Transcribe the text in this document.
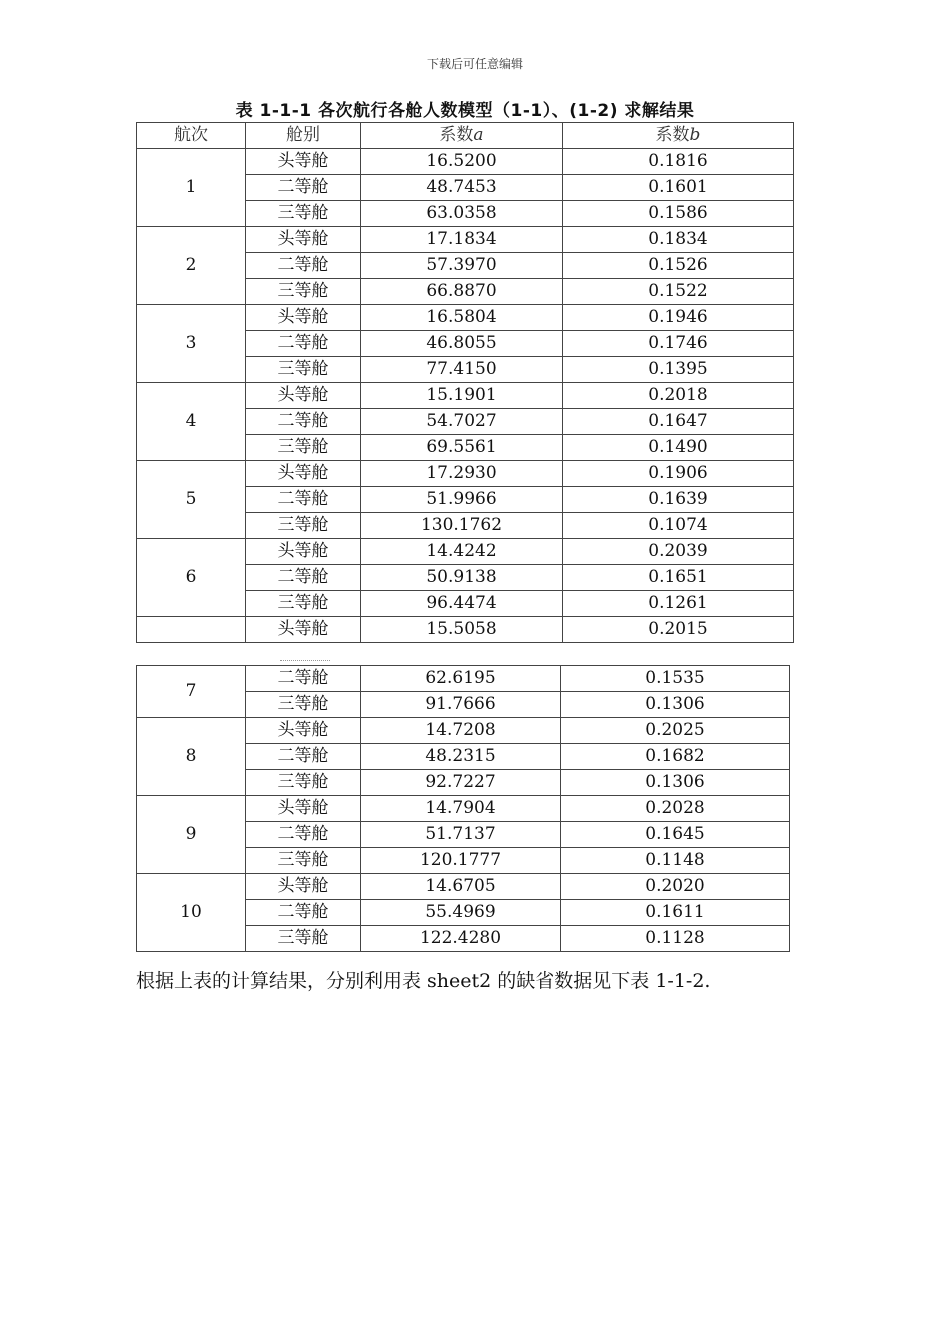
下载后可任意编辑
表 1-1-1 各次航行各舱人数模型（1-1）、(1-2) 求解结果
航次	舱别	系数a	系数b
1	头等舱	16.5200	0.1816
	二等舱	48.7453	0.1601
	三等舱	63.0358	0.1586
2	头等舱	17.1834	0.1834
	二等舱	57.3970	0.1526
	三等舱	66.8870	0.1522
3	头等舱	16.5804	0.1946
	二等舱	46.8055	0.1746
	三等舱	77.4150	0.1395
4	头等舱	15.1901	0.2018
	二等舱	54.7027	0.1647
	三等舱	69.5561	0.1490
5	头等舱	17.2930	0.1906
	二等舱	51.9966	0.1639
	三等舱	130.1762	0.1074
6	头等舱	14.4242	0.2039
	二等舱	50.9138	0.1651
	三等舱	96.4474	0.1261
	头等舱	15.5058	0.2015
7	二等舱	62.6195	0.1535
	三等舱	91.7666	0.1306
8	头等舱	14.7208	0.2025
	二等舱	48.2315	0.1682
	三等舱	92.7227	0.1306
9	头等舱	14.7904	0.2028
	二等舱	51.7137	0.1645
	三等舱	120.1777	0.1148
10	头等舱	14.6705	0.2020
	二等舱	55.4969	0.1611
	三等舱	122.4280	0.1128
根据上表的计算结果，分别利用表 sheet2 的缺省数据见下表 1-1-2.
